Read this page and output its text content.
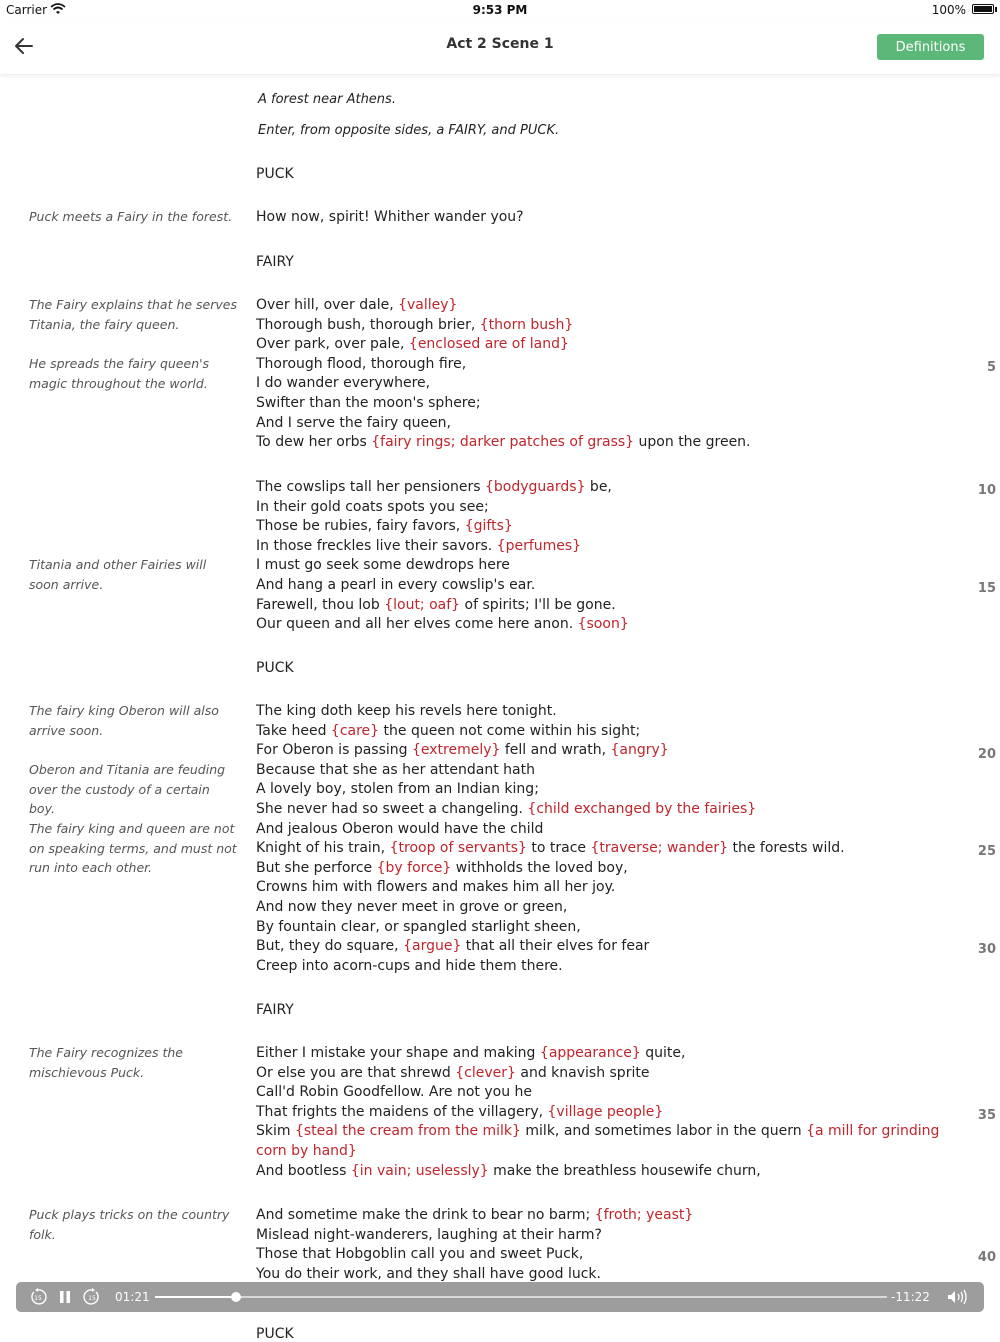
Carrier	9:53 PM	100%
Act 2 Scene 1	Definitions
A forest near Athens.
Enter, from opposite sides, a FAIRY, and PUCK.
PUCK
FAIRY
PUCK
FAIRY
Puck meets a Fairy in the forest.
The Fairy explains that he serves Titania, the fairy queen.
He spreads the fairy queen's magic throughout the world.
Titania and other Fairies will soon arrive.
The fairy king Oberon will also arrive soon.
Oberon and Titania are feuding over the custody of a certain boy.
The fairy king and queen are not on speaking terms, and must not run into each other.
The Fairy recognizes the mischievous Puck.
Puck plays tricks on the country folk.
How now, spirit! Whither wander you?
Over hill, over dale, {valley}
Thorough bush, thorough brier, {thorn bush}
Over park, over pale, {enclosed are of land}
Thorough flood, thorough fire,
I do wander everywhere,
Swifter than the moon's sphere;
And I serve the fairy queen,
To dew her orbs {fairy rings; darker patches of grass} upon the green.
The cowslips tall her pensioners {bodyguards} be,
In their gold coats spots you see;
Those be rubies, fairy favors, {gifts}
In those freckles live their savors. {perfumes}
I must go seek some dewdrops here
And hang a pearl in every cowslip's ear.
Farewell, thou lob {lout; oaf} of spirits; I'll be gone.
Our queen and all her elves come here anon. {soon}
The king doth keep his revels here tonight.
Take heed {care} the queen not come within his sight;
For Oberon is passing {extremely} fell and wrath, {angry}
Because that she as her attendant hath
A lovely boy, stolen from an Indian king;
She never had so sweet a changeling. {child exchanged by the fairies}
And jealous Oberon would have the child
Knight of his train, {troop of servants} to trace {traverse; wander} the forests wild.
But she perforce {by force} withholds the loved boy,
Crowns him with flowers and makes him all her joy.
And now they never meet in grove or green,
By fountain clear, or spangled starlight sheen,
But, they do square, {argue} that all their elves for fear
Creep into acorn-cups and hide them there.
Either I mistake your shape and making {appearance} quite,
Or else you are that shrewd {clever} and knavish sprite
Call'd Robin Goodfellow. Are not you he
That frights the maidens of the villagery, {village people}
Skim {steal the cream from the milk} milk, and sometimes labor in the quern {a mill for grinding corn by hand}
And bootless {in vain; uselessly} make the breathless housewife churn,
And sometime make the drink to bear no barm; {froth; yeast}
Mislead night-wanderers, laughing at their harm?
Those that Hobgoblin call you and sweet Puck,
You do their work, and they shall have good luck.
5
10
15
20
25
30
35
40
15	15 01:21	-11:22
PUCK
